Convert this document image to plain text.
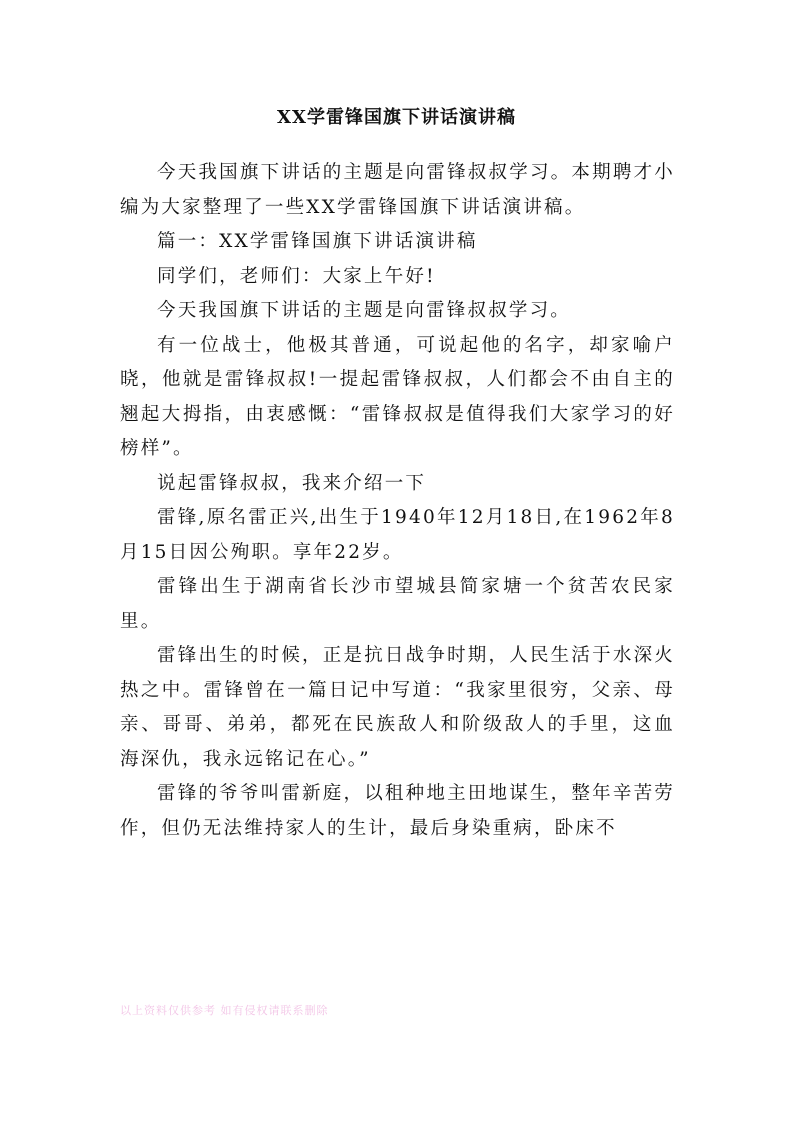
XX学雷锋国旗下讲话演讲稿

今天我国旗下讲话的主题是向雷锋叔叔学习。本期聘才小编为大家整理了一些XX学雷锋国旗下讲话演讲稿。

篇一：XX学雷锋国旗下讲话演讲稿

同学们，老师们：大家上午好!

今天我国旗下讲话的主题是向雷锋叔叔学习。

有一位战士，他极其普通，可说起他的名字，却家喻户晓，他就是雷锋叔叔!一提起雷锋叔叔，人们都会不由自主的翘起大拇指，由衷感慨：“雷锋叔叔是值得我们大家学习的好榜样”。

说起雷锋叔叔，我来介绍一下

雷锋,原名雷正兴,出生于1940年12月18日,在1962年8月15日因公殉职。享年22岁。

雷锋出生于湖南省长沙市望城县简家塘一个贫苦农民家里。

雷锋出生的时候，正是抗日战争时期，人民生活于水深火热之中。雷锋曾在一篇日记中写道：“我家里很穷，父亲、母亲、哥哥、弟弟，都死在民族敌人和阶级敌人的手里，这血海深仇，我永远铭记在心。”

雷锋的爷爷叫雷新庭，以租种地主田地谋生，整年辛苦劳作，但仍无法维持家人的生计，最后身染重病，卧床不

以上资料仅供参考 如有侵权请联系删除
